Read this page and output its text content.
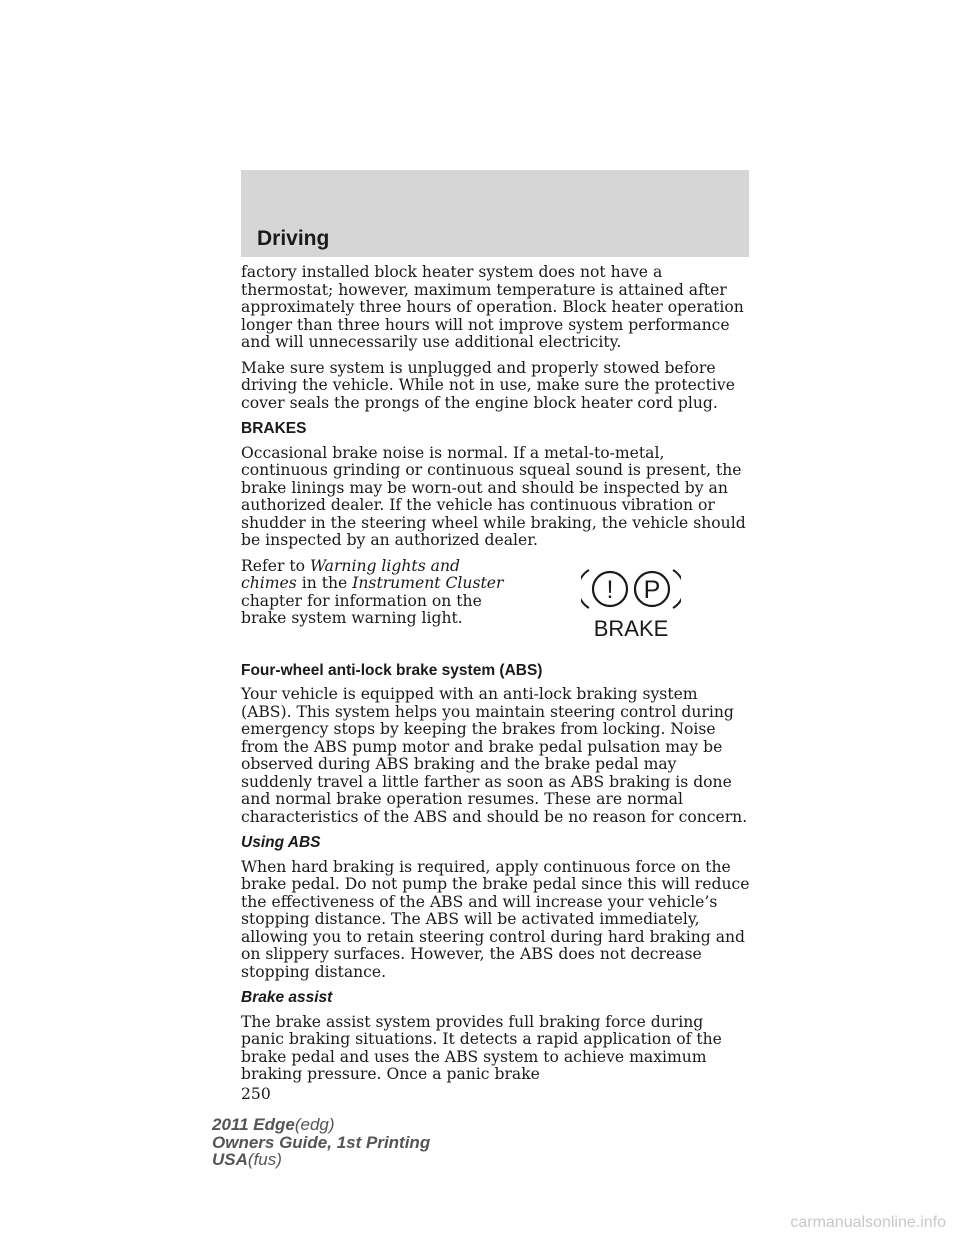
Driving

factory installed block heater system does not have a thermostat; however, maximum temperature is attained after approximately three hours of operation. Block heater operation longer than three hours will not improve system performance and will unnecessarily use additional electricity.

Make sure system is unplugged and properly stowed before driving the vehicle. While not in use, make sure the protective cover seals the prongs of the engine block heater cord plug.

BRAKES

Occasional brake noise is normal. If a metal-to-metal, continuous grinding or continuous squeal sound is present, the brake linings may be worn-out and should be inspected by an authorized dealer. If the vehicle has continuous vibration or shudder in the steering wheel while braking, the vehicle should be inspected by an authorized dealer.

Refer to Warning lights and chimes in the Instrument Cluster chapter for information on the brake system warning light.
! P
BRAKE
Four-wheel anti-lock brake system (ABS)

Your vehicle is equipped with an anti-lock braking system (ABS). This system helps you maintain steering control during emergency stops by keeping the brakes from locking. Noise from the ABS pump motor and brake pedal pulsation may be observed during ABS braking and the brake pedal may suddenly travel a little farther as soon as ABS braking is done and normal brake operation resumes. These are normal characteristics of the ABS and should be no reason for concern.

Using ABS

When hard braking is required, apply continuous force on the brake pedal. Do not pump the brake pedal since this will reduce the effectiveness of the ABS and will increase your vehicle’s stopping distance. The ABS will be activated immediately, allowing you to retain steering control during hard braking and on slippery surfaces. However, the ABS does not decrease stopping distance.

Brake assist

The brake assist system provides full braking force during panic braking situations. It detects a rapid application of the brake pedal and uses the ABS system to achieve maximum braking pressure. Once a panic brake

250
2011 Edge(edg)
Owners Guide, 1st Printing
USA(fus)
carmanualsonline.info
